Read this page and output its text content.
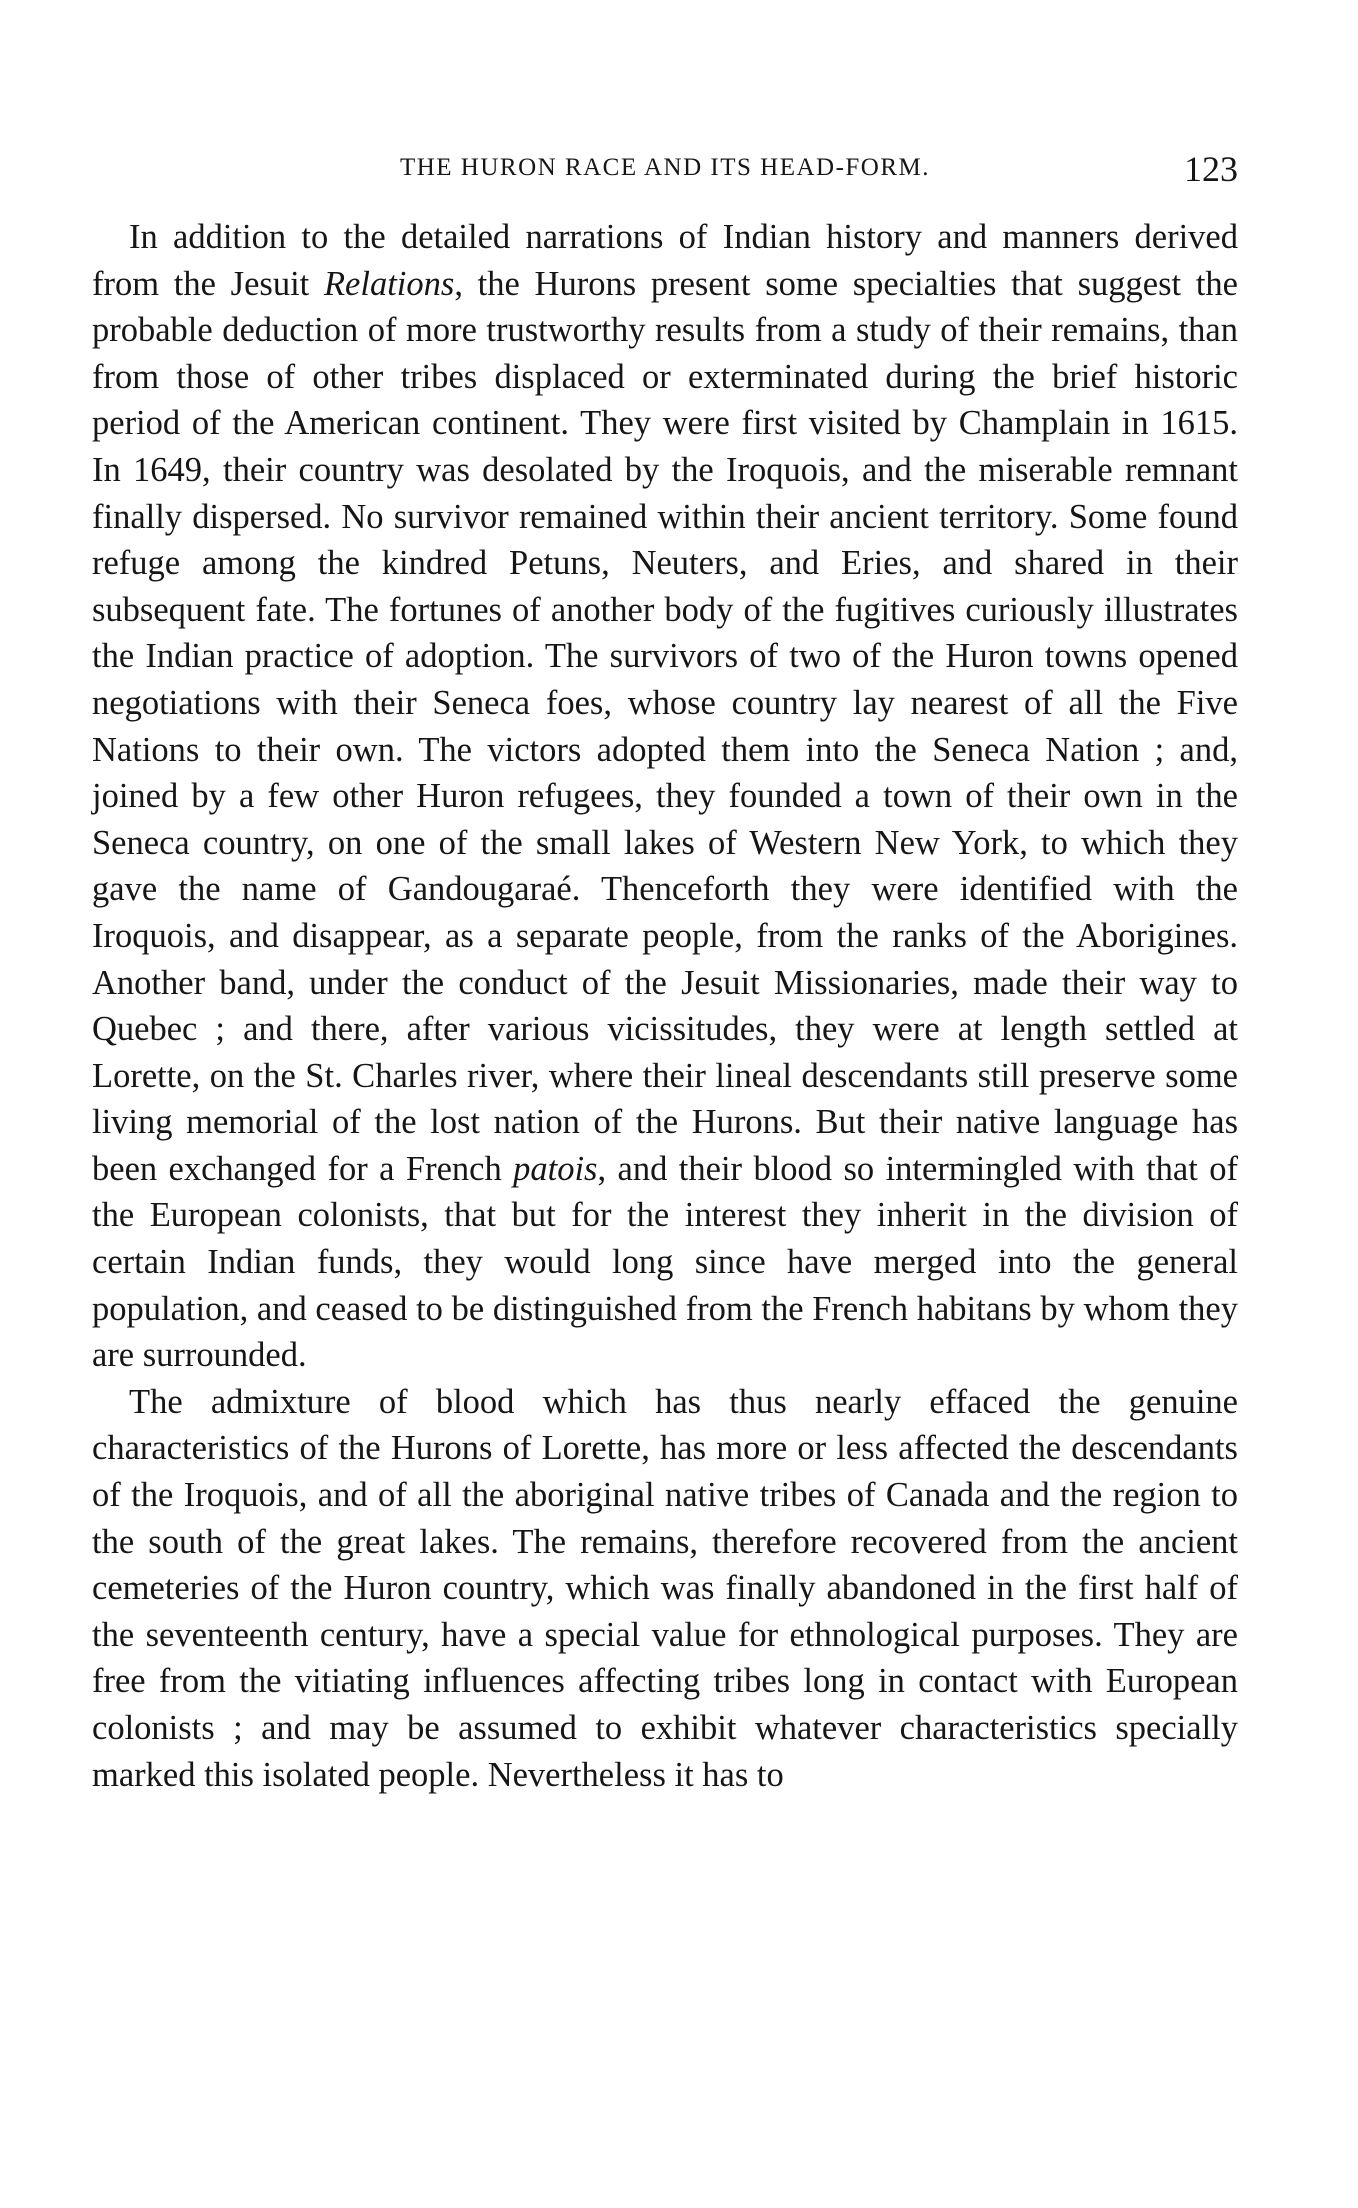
THE HURON RACE AND ITS HEAD-FORM.	123

In addition to the detailed narrations of Indian history and manners derived from the Jesuit Relations, the Hurons present some specialties that suggest the probable deduction of more trustworthy results from a study of their remains, than from those of other tribes displaced or exterminated during the brief historic period of the American continent. They were first visited by Champlain in 1615. In 1649, their country was desolated by the Iroquois, and the miserable remnant finally dispersed. No survivor remained within their ancient territory. Some found refuge among the kindred Petuns, Neuters, and Eries, and shared in their subsequent fate. The fortunes of another body of the fugitives curiously illustrates the Indian practice of adoption. The survivors of two of the Huron towns opened negotiations with their Seneca foes, whose country lay nearest of all the Five Nations to their own. The victors adopted them into the Seneca Nation ; and, joined by a few other Huron refugees, they founded a town of their own in the Seneca country, on one of the small lakes of Western New York, to which they gave the name of Gandougaraé. Thenceforth they were identified with the Iroquois, and disappear, as a separate people, from the ranks of the Aborigines. Another band, under the conduct of the Jesuit Missionaries, made their way to Quebec ; and there, after various vicissitudes, they were at length settled at Lorette, on the St. Charles river, where their lineal descendants still preserve some living memorial of the lost nation of the Hurons. But their native language has been exchanged for a French patois, and their blood so intermingled with that of the European colonists, that but for the interest they inherit in the division of certain Indian funds, they would long since have merged into the general population, and ceased to be distinguished from the French habitans by whom they are surrounded.

The admixture of blood which has thus nearly effaced the genuine characteristics of the Hurons of Lorette, has more or less affected the descendants of the Iroquois, and of all the aboriginal native tribes of Canada and the region to the south of the great lakes. The remains, therefore recovered from the ancient cemeteries of the Huron country, which was finally abandoned in the first half of the seventeenth century, have a special value for ethnological purposes. They are free from the vitiating influences affecting tribes long in contact with European colonists ; and may be assumed to exhibit whatever characteristics specially marked this isolated people. Nevertheless it has to
